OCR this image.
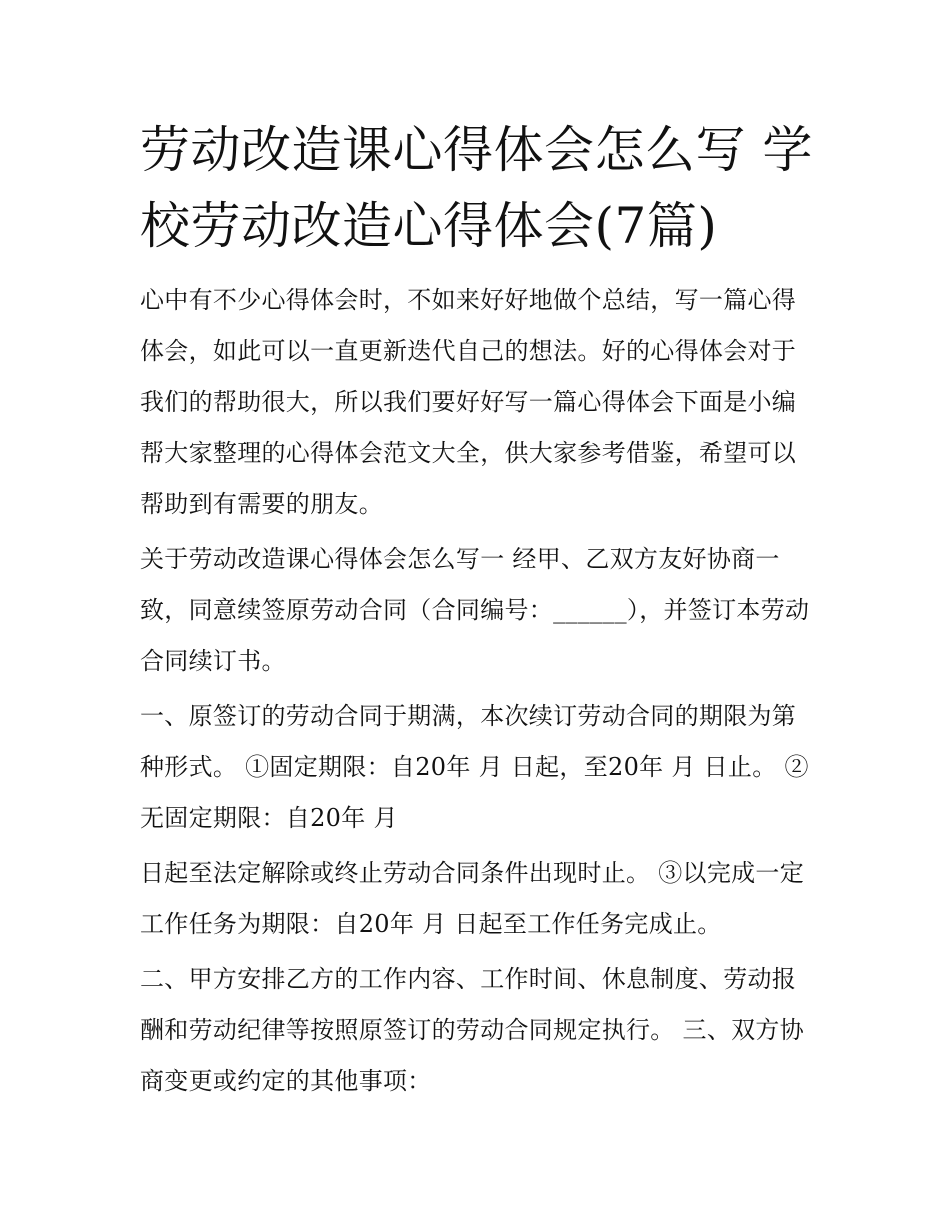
劳动改造课心得体会怎么写 学校劳动改造心得体会(7篇)

心中有不少心得体会时，不如来好好地做个总结，写一篇心得体会，如此可以一直更新迭代自己的想法。好的心得体会对于我们的帮助很大，所以我们要好好写一篇心得体会下面是小编帮大家整理的心得体会范文大全，供大家参考借鉴，希望可以帮助到有需要的朋友。

关于劳动改造课心得体会怎么写一 经甲、乙双方友好协商一致，同意续签原劳动合同（合同编号：______），并签订本劳动合同续订书。

一、原签订的劳动合同于期满，本次续订劳动合同的期限为第种形式。 ①固定期限：自20年 月 日起，至20年 月 日止。 ②无固定期限：自20年 月

日起至法定解除或终止劳动合同条件出现时止。 ③以完成一定工作任务为期限：自20年 月 日起至工作任务完成止。

二、甲方安排乙方的工作内容、工作时间、休息制度、劳动报酬和劳动纪律等按照原签订的劳动合同规定执行。 三、双方协商变更或约定的其他事项：
